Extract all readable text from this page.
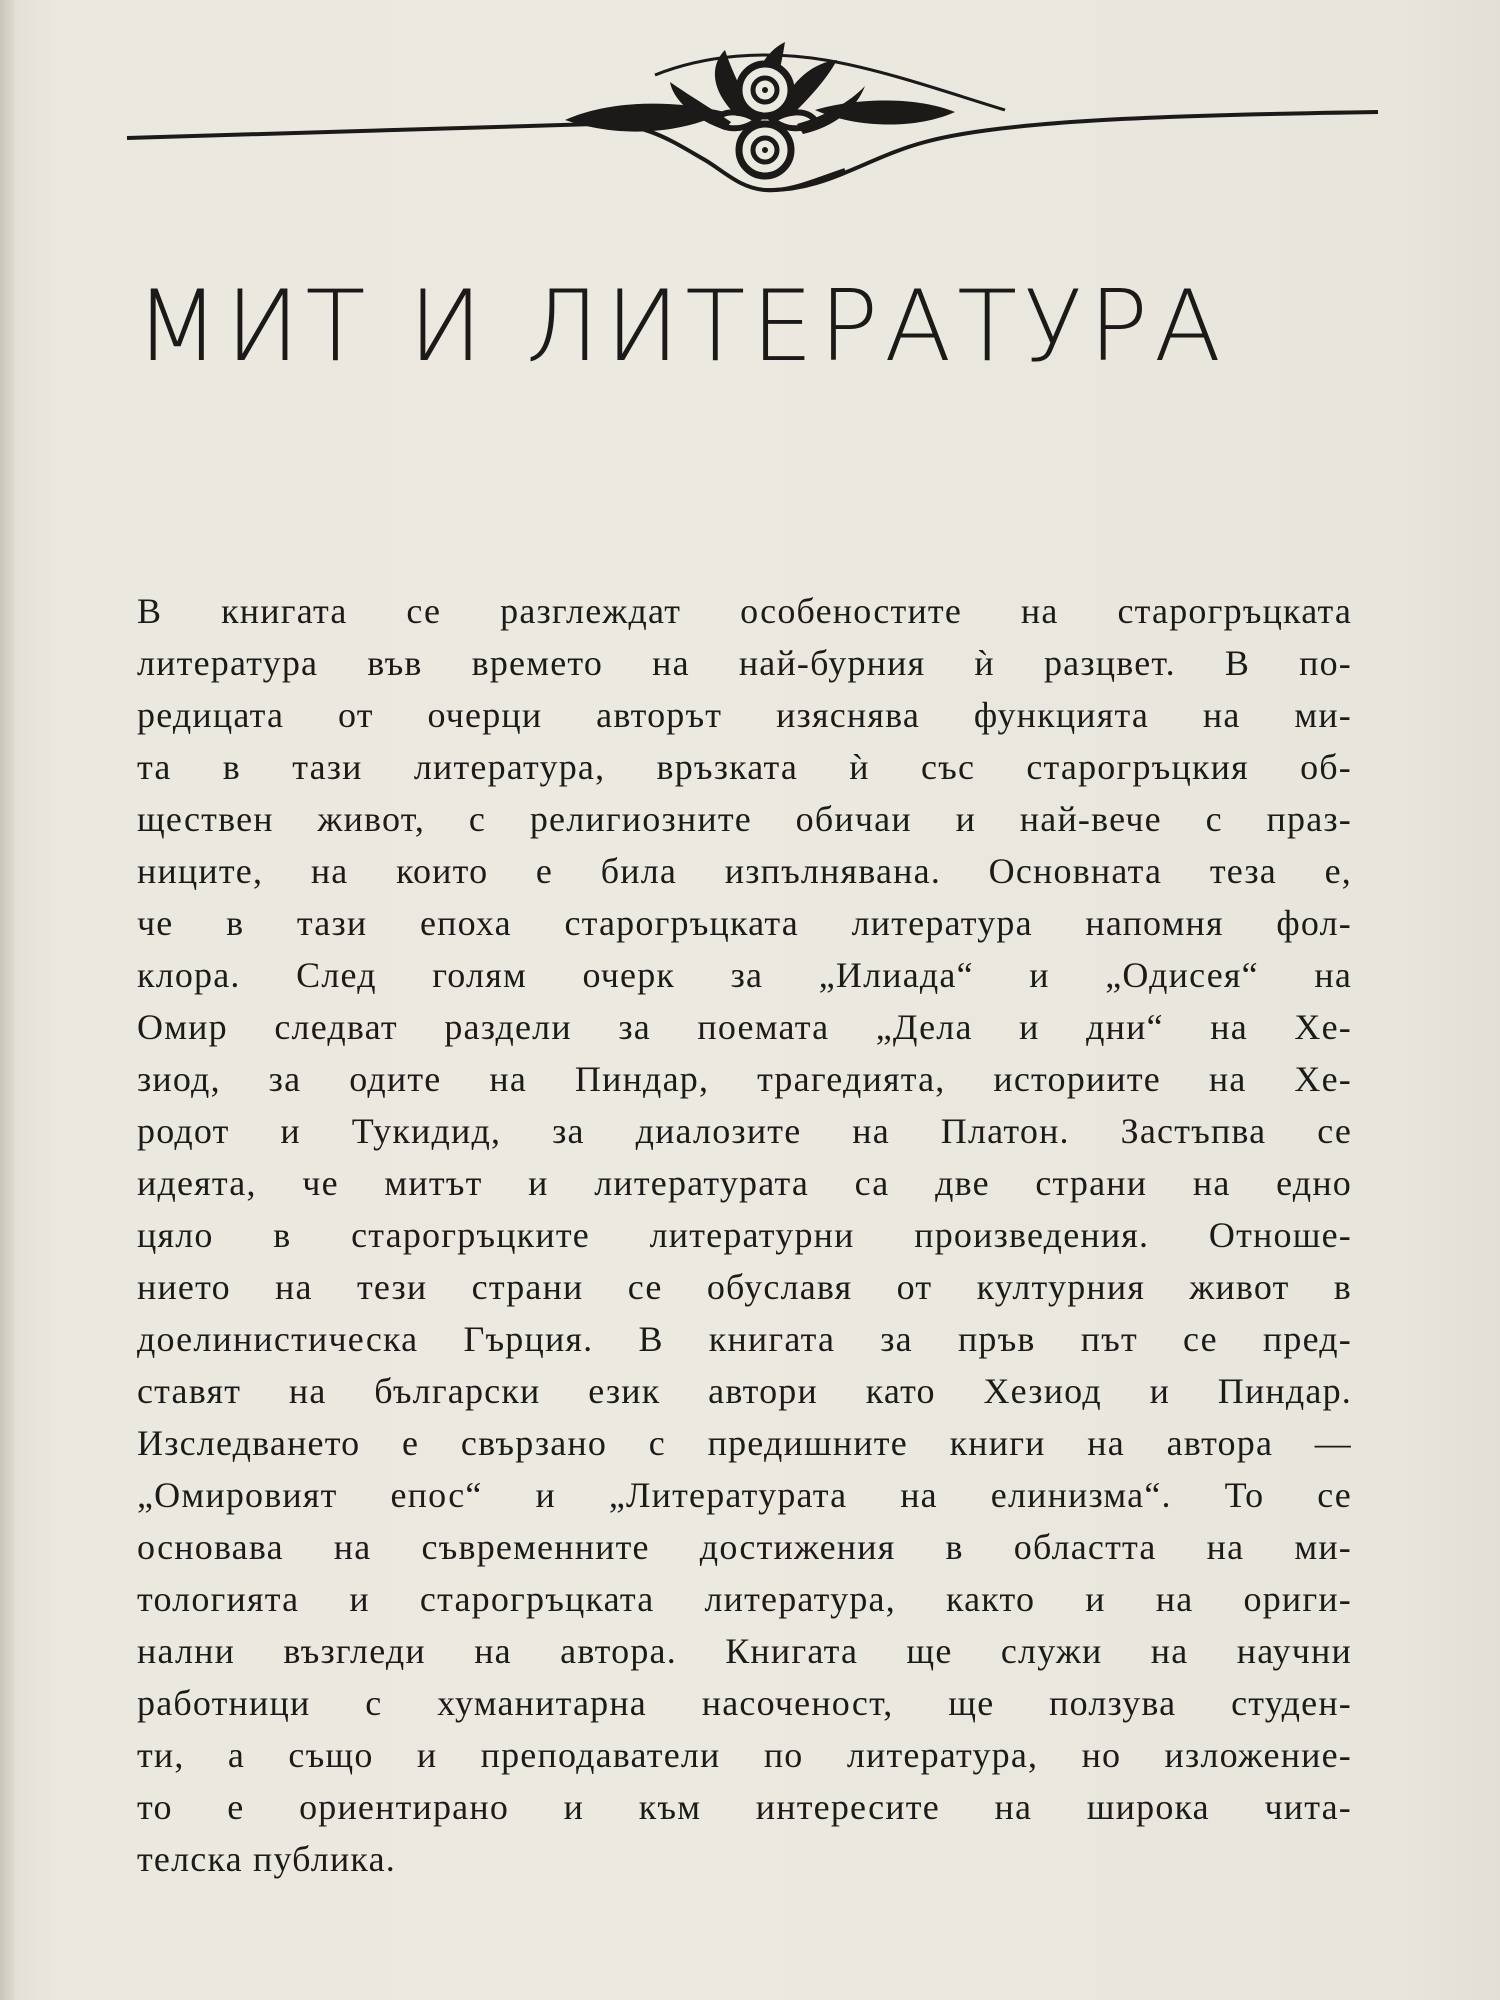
МИТ И ЛИТЕРАТУРА
В книгата се разглеждат особеностите на старогръцката
литература във времето на най-бурния ѝ разцвет. В по-
редицата от очерци авторът изяснява функцията на ми-
та в тази литература, връзката ѝ със старогръцкия об-
ществен живот, с религиозните обичаи и най-вече с праз-
ниците, на които е била изпълнявана. Основната теза е,
че в тази епоха старогръцката литература напомня фол-
клора. След голям очерк за „Илиада“ и „Одисея“ на
Омир следват раздели за поемата „Дела и дни“ на Хе-
зиод, за одите на Пиндар, трагедията, историите на Хе-
родот и Тукидид, за диалозите на Платон. Застъпва се
идеята, че митът и литературата са две страни на едно
цяло в старогръцките литературни произведения. Отноше-
нието на тези страни се обуславя от културния живот в
доелинистическа Гърция. В книгата за пръв път се пред-
ставят на български език автори като Хезиод и Пиндар.
Изследването е свързано с предишните книги на автора —
„Омировият епос“ и „Литературата на елинизма“. То се
основава на съвременните достижения в областта на ми-
тологията и старогръцката литература, както и на ориги-
нални възгледи на автора. Книгата ще служи на научни
работници с хуманитарна насоченост, ще ползува студен-
ти, а също и преподаватели по литература, но изложение-
то е ориентирано и към интересите на широка чита-
телска публика.
